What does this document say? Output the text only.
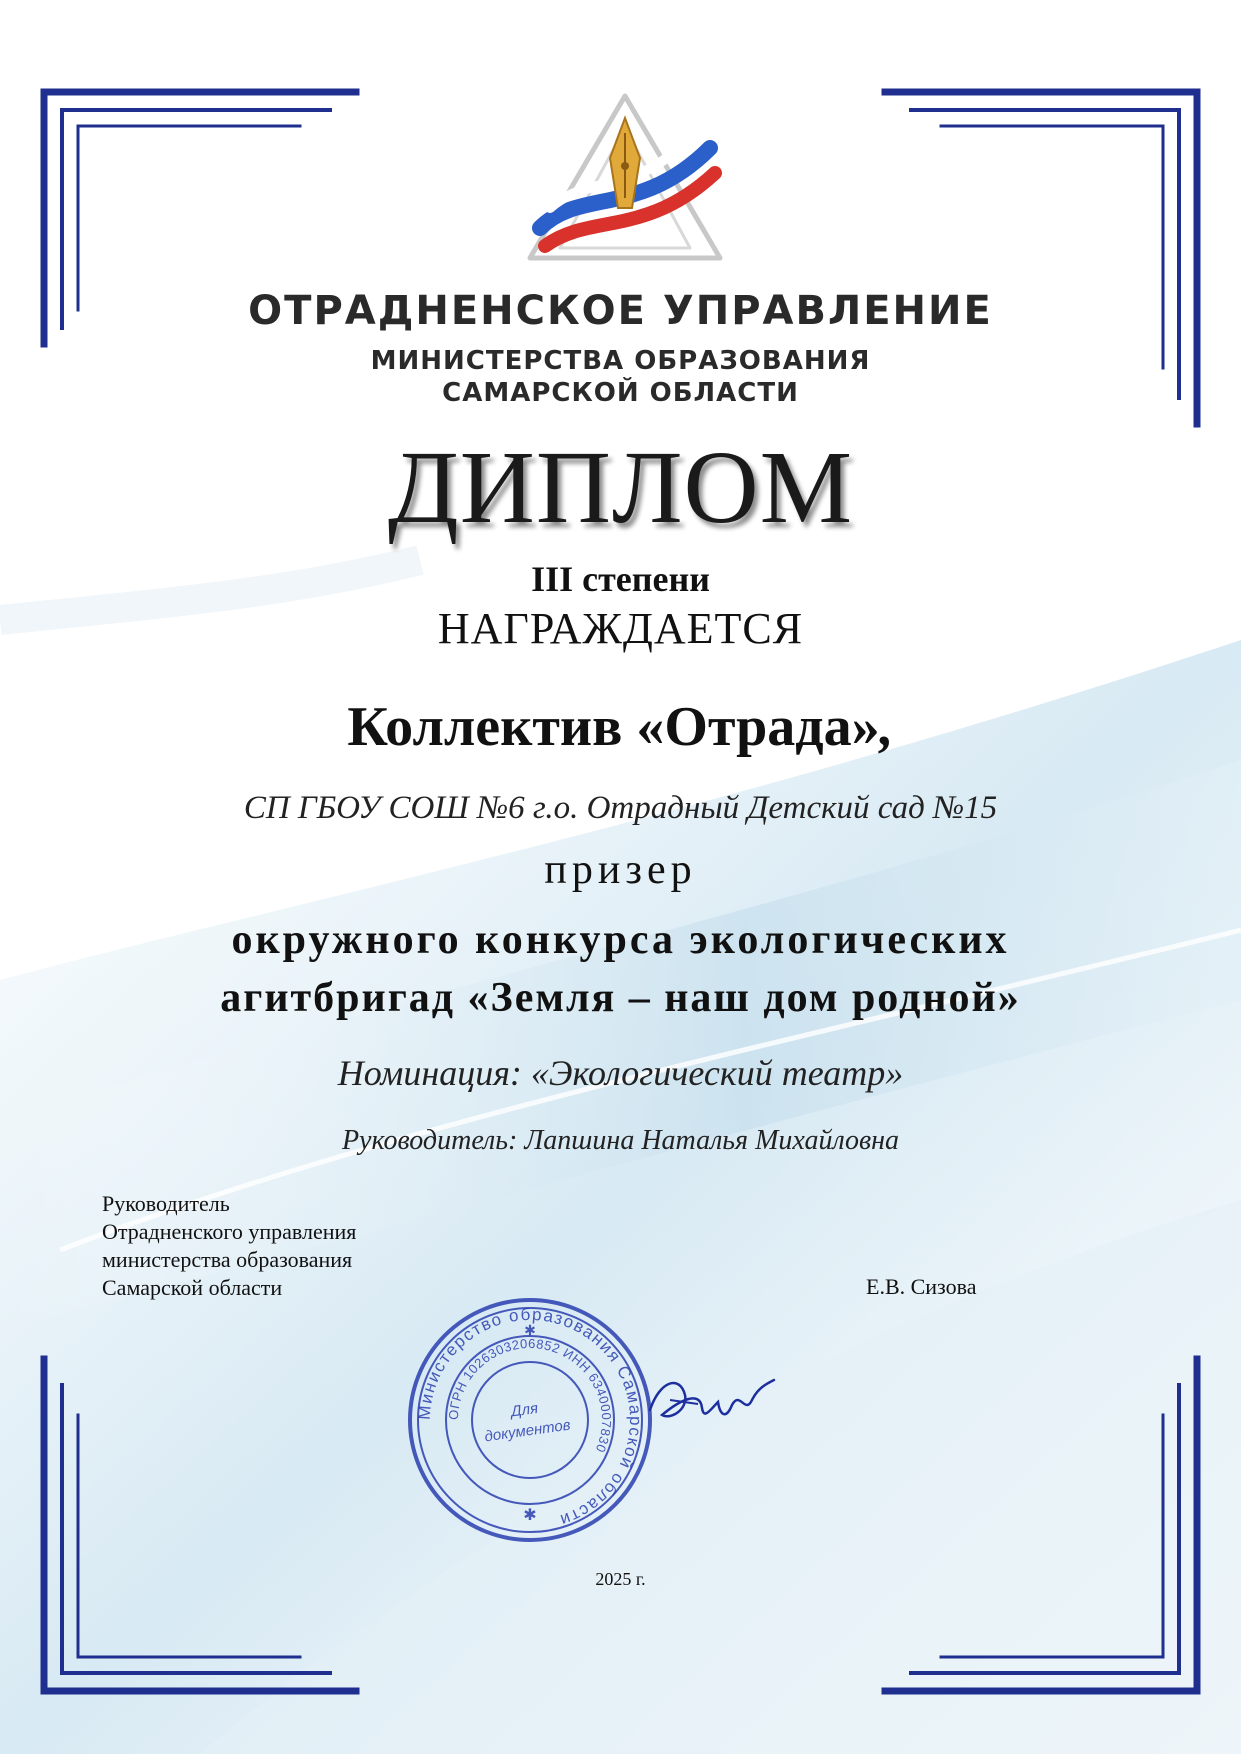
ОТРАДНЕНСКОЕ УПРАВЛЕНИЕ
МИНИСТЕРСТВА ОБРАЗОВАНИЯ
САМАРСКОЙ ОБЛАСТИ
ДИПЛОМ
III степени
НАГРАЖДАЕТСЯ
Коллектив «Отрада»,
СП ГБОУ СОШ №6 г.о. Отрадный Детский сад №15
призер
окружного конкурса экологических
агитбригад «Земля – наш дом родной»
Номинация: «Экологический театр»
Руководитель: Лапшина Наталья Михайловна
Руководитель
Отрадненского управления
министерства образования
Самарской области	Е.В. Сизова
Министерство образования Самарской области
ОГРН 1026303206852 ИНН 6340007830
Для
документов
✱
✱
2025 г.
